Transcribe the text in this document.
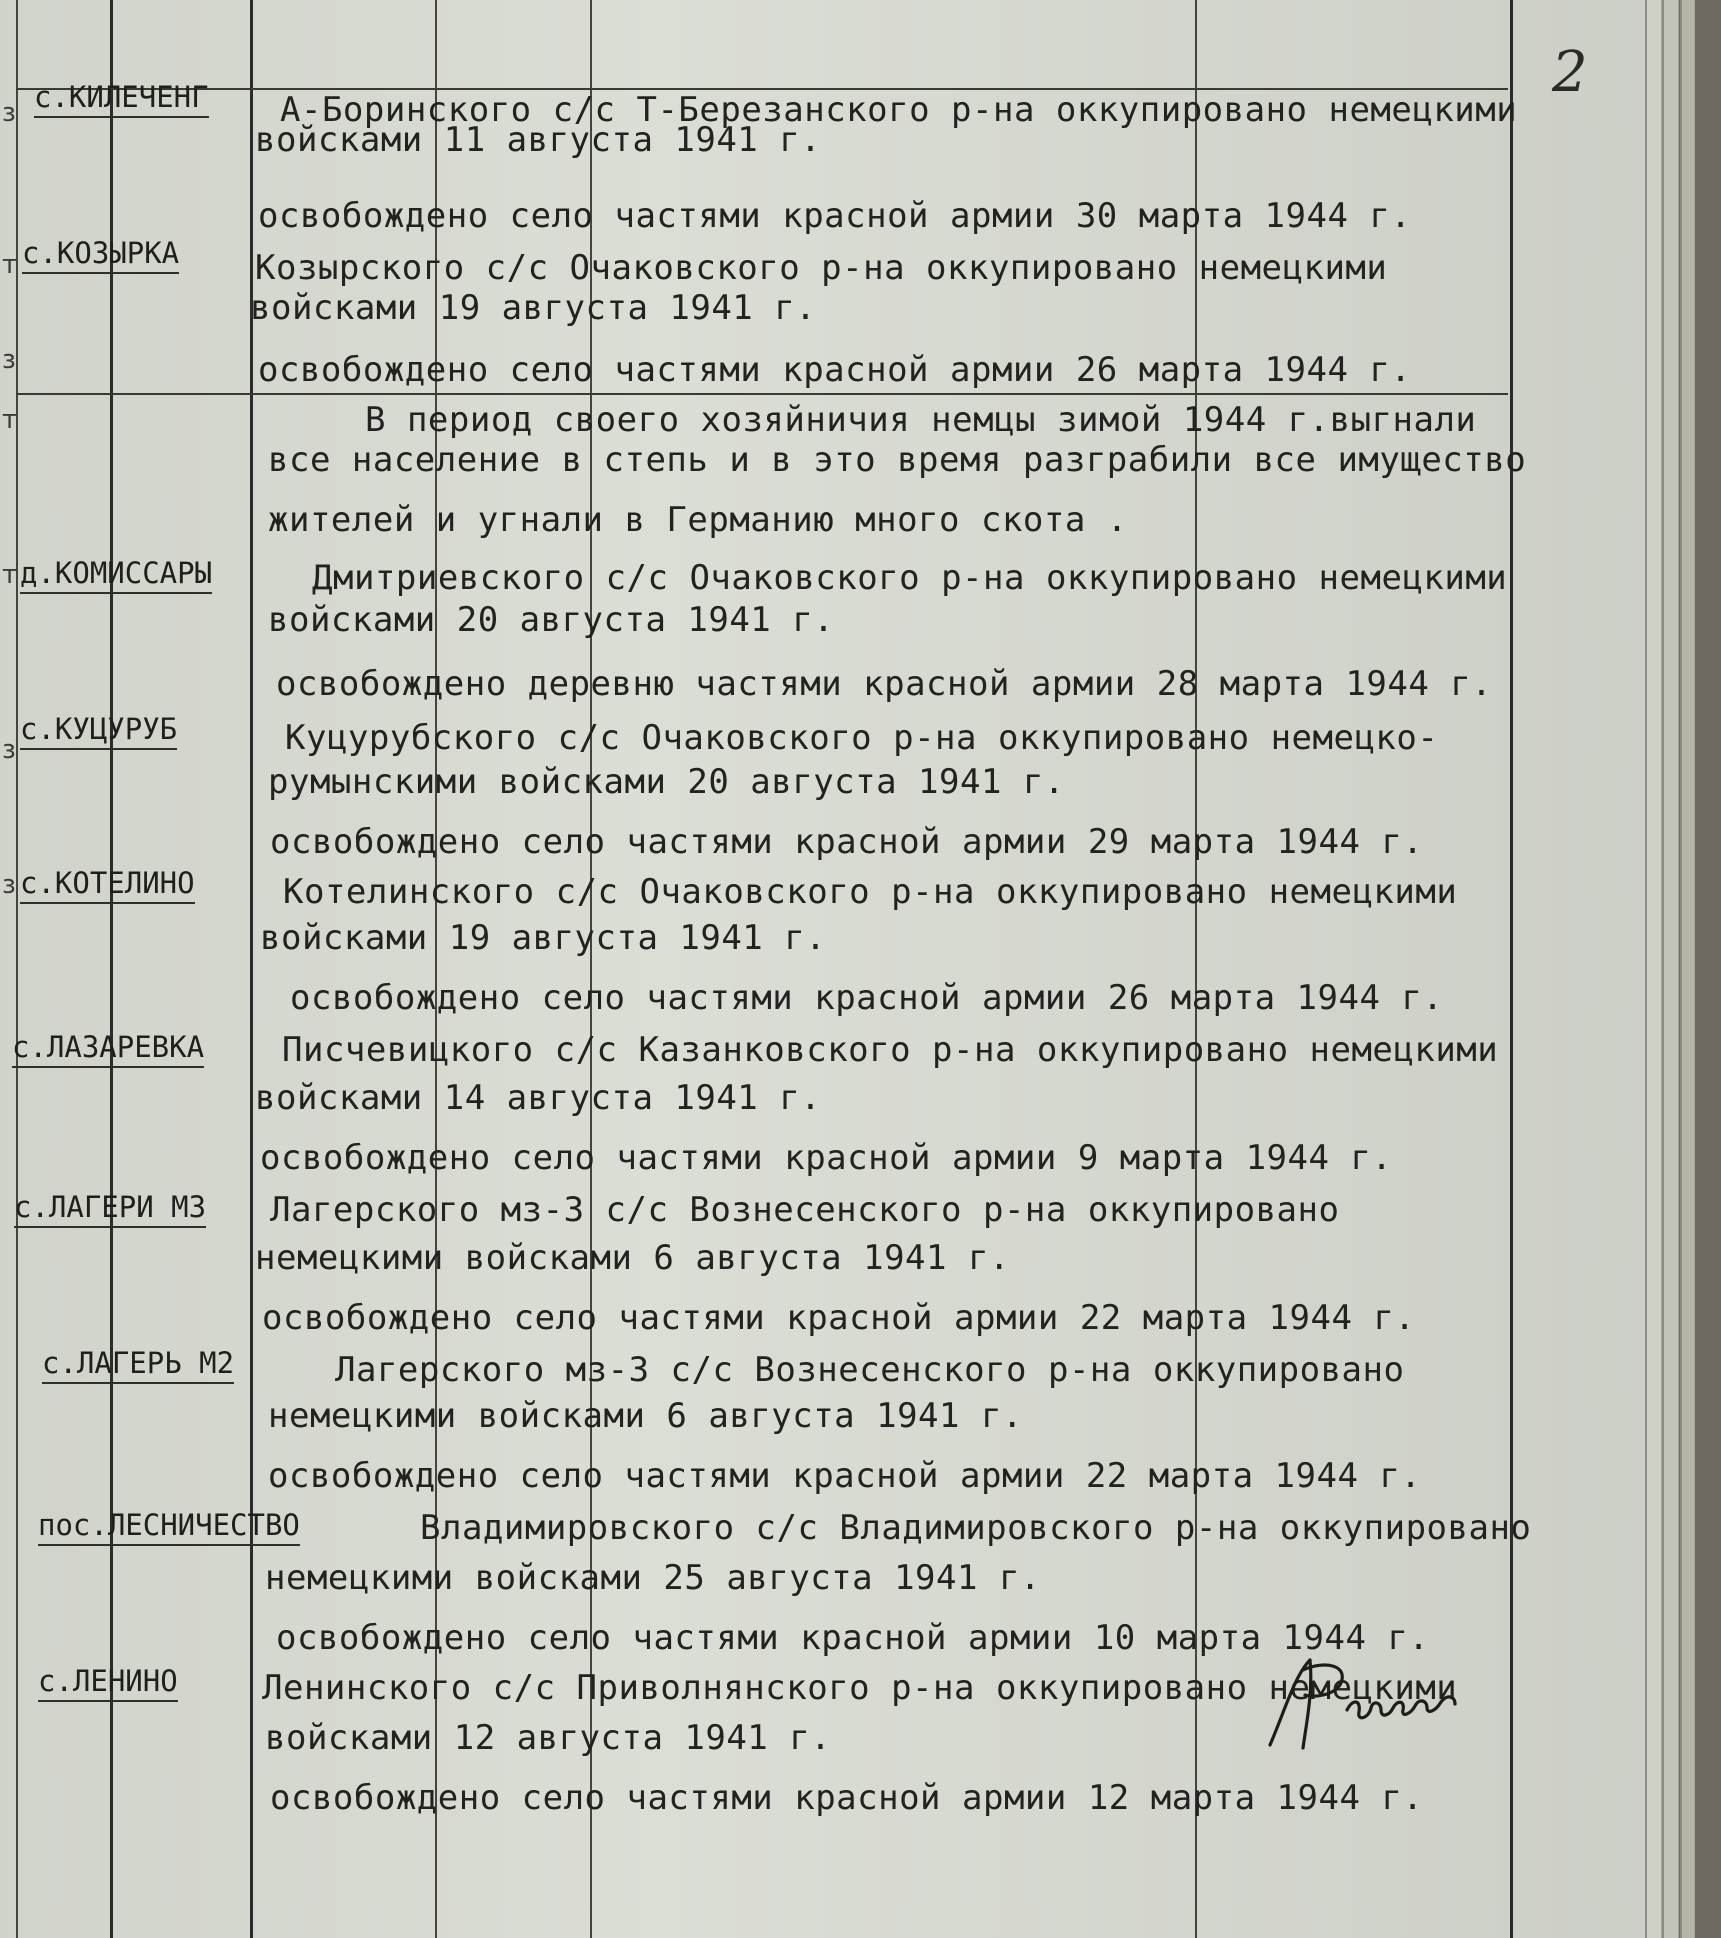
2
з
т
з
т
т
з
з
с.КИЛЕЧЕНГ А-Боринского с/с Т-Березанского р-на оккупировано немецкими
войсками 11 августа 1941 г.
освобождено село частями красной армии 30 марта 1944 г.
с.КОЗЫРКА Козырского с/с Очаковского р-на оккупировано немецкими
войсками 19 августа 1941 г.
освобождено село частями красной армии 26 марта 1944 г.
В период своего хозяйничия немцы зимой 1944 г.выгнали
все население в степь и в это время разграбили все имущество
жителей и угнали в Германию много скота .
д.КОМИССАРЫ	Дмитриевского с/с Очаковского р-на оккупировано немецкими
войсками 20 августа 1941 г.
освобождено деревню частями красной армии 28 марта 1944 г.
с.КУЦУРУБ	Куцурубского с/с Очаковского р-на оккупировано немецко-
румынскими войсками 20 августа 1941 г.
освобождено село частями красной армии 29 марта 1944 г.
с.КОТЕЛИНО	Котелинского с/с Очаковского р-на оккупировано немецкими
войсками 19 августа 1941 г.
освобождено село частями красной армии 26 марта 1944 г.
с.ЛАЗАРЕВКА Писчевицкого с/с Казанковского р-на оккупировано немецкими
войсками 14 августа 1941 г.
освобождено село частями красной армии 9 марта 1944 г.
с.ЛАГЕРИ МЗ Лагерского мз-3 с/с Вознесенского р-на оккупировано
немецкими войсками 6 августа 1941 г.
освобождено село частями красной армии 22 марта 1944 г.
с.ЛАГЕРЬ М2	Лагерского мз-3 с/с Вознесенского р-на оккупировано
немецкими войсками 6 августа 1941 г.
освобождено село частями красной армии 22 марта 1944 г.
пос.ЛЕСНИЧЕСТВО	Владимировского с/с Владимировского р-на оккупировано
немецкими войсками 25 августа 1941 г.
освобождено село частями красной армии 10 марта 1944 г.
с.ЛЕНИНО Ленинского с/с Приволнянского р-на оккупировано немецкими
войсками 12 августа 1941 г.
освобождено село частями красной армии 12 марта 1944 г.
